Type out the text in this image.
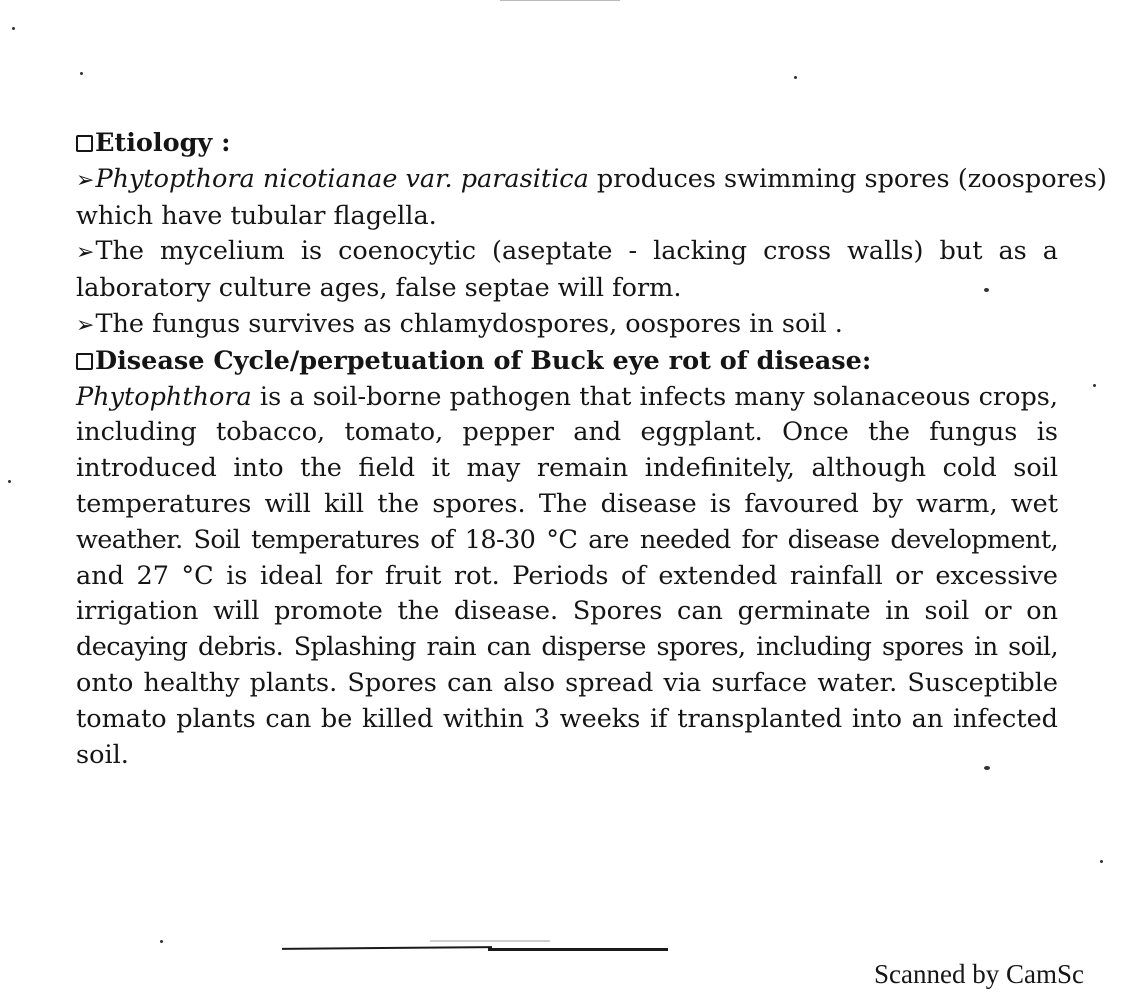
Etiology :
➢Phytopthora nicotianae var. parasitica produces swimming spores (zoospores)
which have tubular flagella.
➢The mycelium is coenocytic (aseptate - lacking cross walls) but as a
laboratory culture ages, false septae will form.
➢The fungus survives as chlamydospores, oospores in soil .
Disease Cycle/perpetuation of Buck eye rot of disease:
Phytophthora is a soil-borne pathogen that infects many solanaceous crops,
including tobacco, tomato, pepper and eggplant. Once the fungus is
introduced into the field it may remain indefinitely, although cold soil
temperatures will kill the spores. The disease is favoured by warm, wet
weather. Soil temperatures of 18-30 °C are needed for disease development,
and 27 °C is ideal for fruit rot. Periods of extended rainfall or excessive
irrigation will promote the disease. Spores can germinate in soil or on
decaying debris. Splashing rain can disperse spores, including spores in soil,
onto healthy plants. Spores can also spread via surface water. Susceptible
tomato plants can be killed within 3 weeks if transplanted into an infected
soil.
Scanned by CamSc
